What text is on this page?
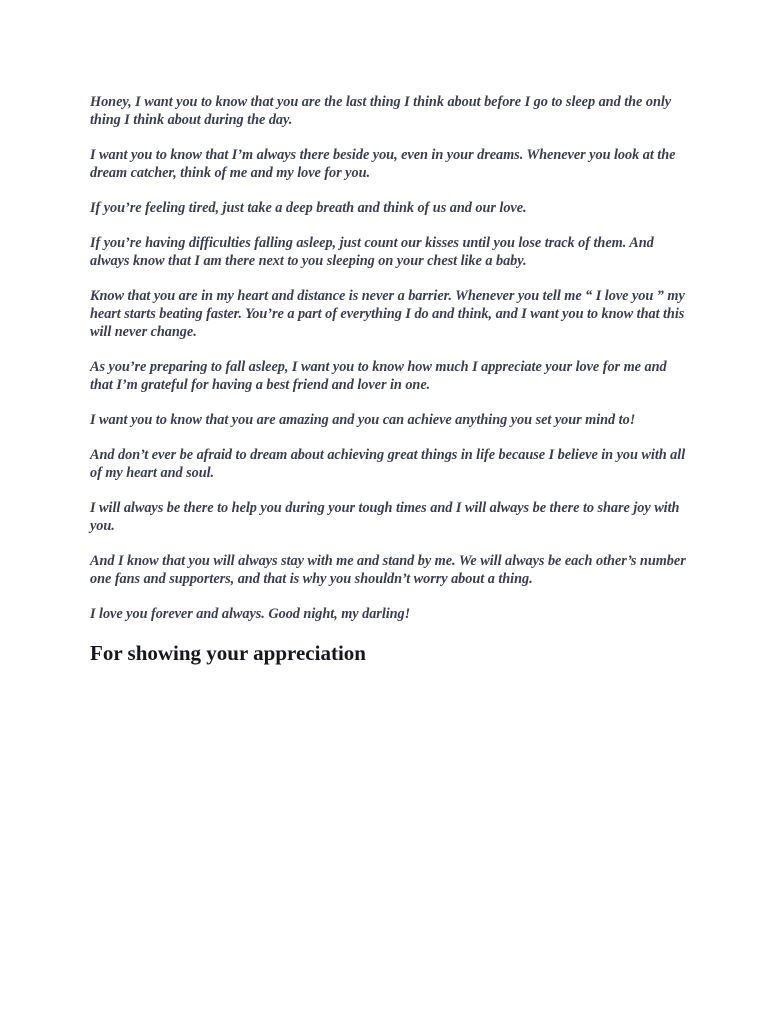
Honey, I want you to know that you are the last thing I think about before I go to sleep and the only thing I think about during the day.

I want you to know that I’m always there beside you, even in your dreams. Whenever you look at the dream catcher, think of me and my love for you.

If you’re feeling tired, just take a deep breath and think of us and our love.

If you’re having difficulties falling asleep, just count our kisses until you lose track of them. And always know that I am there next to you sleeping on your chest like a baby.

Know that you are in my heart and distance is never a barrier. Whenever you tell me “ I love you ” my heart starts beating faster. You’re a part of everything I do and think, and I want you to know that this will never change.

As you’re preparing to fall asleep, I want you to know how much I appreciate your love for me and that I’m grateful for having a best friend and lover in one.

I want you to know that you are amazing and you can achieve anything you set your mind to!

And don’t ever be afraid to dream about achieving great things in life because I believe in you with all of my heart and soul.

I will always be there to help you during your tough times and I will always be there to share joy with you.

And I know that you will always stay with me and stand by me. We will always be each other’s number one fans and supporters, and that is why you shouldn’t worry about a thing.

I love you forever and always. Good night, my darling!

For showing your appreciation
